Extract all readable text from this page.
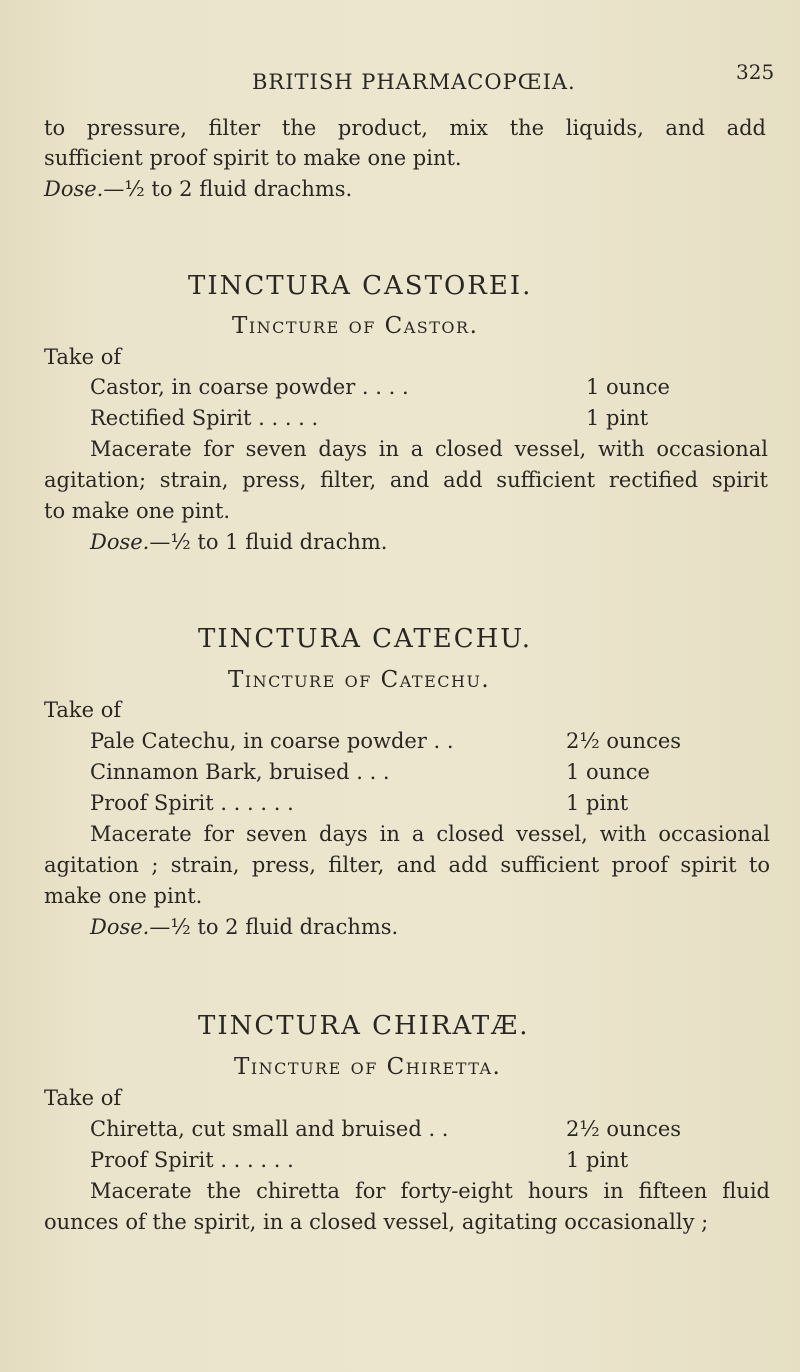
BRITISH PHARMACOPŒIA.	325
to pressure, filter the product, mix the liquids, and add
sufficient proof spirit to make one pint.
Dose.—½ to 2 fluid drachms.
TINCTURA CASTOREI.
Tincture of Castor.
Take of
Castor, in coarse powder . . . .	1 ounce
Rectified Spirit . . . . .	1 pint
Macerate for seven days in a closed vessel, with occasional
agitation; strain, press, filter, and add sufficient rectified spirit
to make one pint.
Dose.—½ to 1 fluid drachm.
TINCTURA CATECHU.
Tincture of Catechu.
Take of
Pale Catechu, in coarse powder . .	2½ ounces
Cinnamon Bark, bruised . . .	1 ounce
Proof Spirit . . . . . .	1 pint
Macerate for seven days in a closed vessel, with occasional
agitation ; strain, press, filter, and add sufficient proof spirit to
make one pint.
Dose.—½ to 2 fluid drachms.
TINCTURA CHIRATÆ.
Tincture of Chiretta.
Take of
Chiretta, cut small and bruised . .	2½ ounces
Proof Spirit . . . . . .	1 pint
Macerate the chiretta for forty-eight hours in fifteen fluid
ounces of the spirit, in a closed vessel, agitating occasionally ;
